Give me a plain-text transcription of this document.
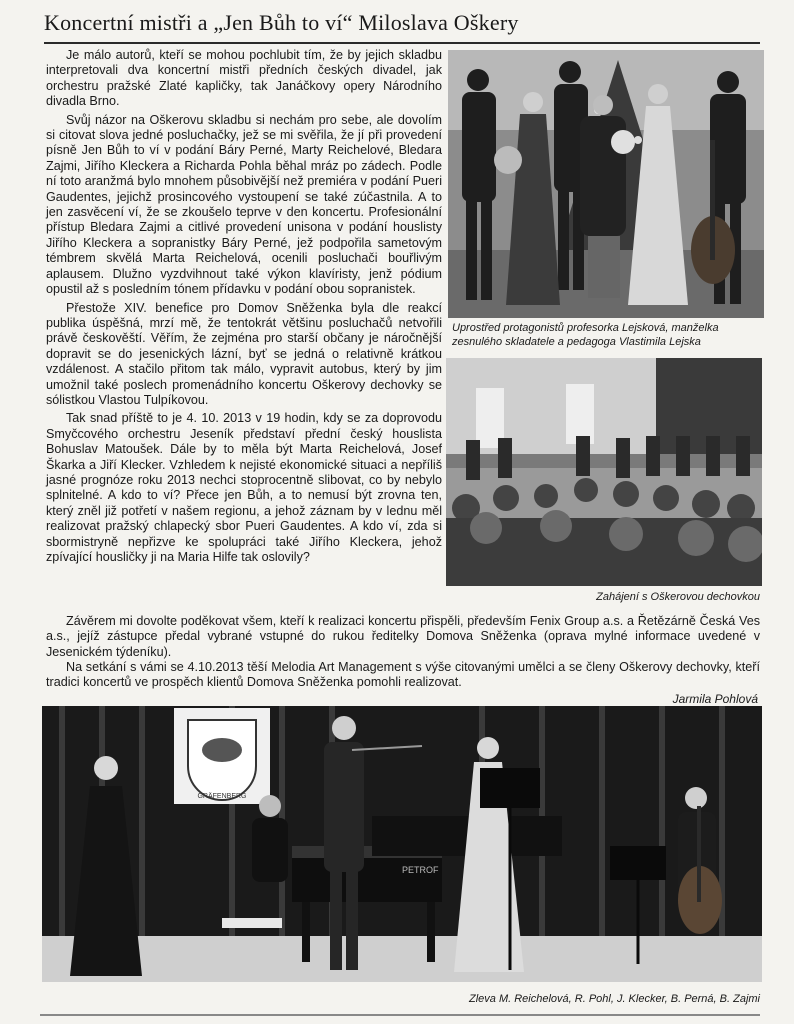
Koncertní mistři a „Jen Bůh to ví“ Miloslava Oškery

Je málo autorů, kteří se mohou pochlubit tím, že by jejich skladbu interpretovali dva koncertní mistři předních českých divadel, jak orchestru pražské Zlaté kapličky, tak Janáčkovy opery Národního divadla Brno.

Svůj názor na Oškerovu skladbu si nechám pro sebe, ale dovolím si citovat slova jedné posluchačky, jež se mi svěřila, že jí při provedení písně Jen Bůh to ví v podání Báry Perné, Marty Reichelové, Bledara Zajmi, Jiřího Kleckera a Richarda Pohla běhal mráz po zádech. Podle ní toto aranžmá bylo mnohem působivější než premiéra v podání Pueri Gaudentes, jejichž prosincového vystoupení se také zúčastnila. A to jen zasvěcení ví, že se zkoušelo teprve v den koncertu. Profesionální přístup Bledara Zajmi a citlivé provedení unisona v podání houslisty Jiřího Kleckera a sopranistky Báry Perné, jež podpořila sametovým témbrem skvělá Marta Reichelová, ocenili posluchači bouřlivým aplausem. Dlužno vyzdvihnout také výkon klavíristy, jenž pódium opustil až s posledním tónem přídavku v podání obou sopranistek.

Přestože XIV. benefice pro Domov Sněženka byla dle reakcí publika úspěšná, mrzí mě, že tentokrát většinu posluchačů netvořili právě českověští. Věřím, že zejména pro starší občany je náročnější dopravit se do jesenických lázní, byť se jedná o relativně krátkou vzdálenost. A stačilo přitom tak málo, vypravit autobus, který by jim umožnil také poslech promenádního koncertu Oškerovy dechovky se sólistkou Vlastou Tulpíkovou.

Tak snad příště to je 4. 10. 2013 v 19 hodin, kdy se za doprovodu Smyčcového orchestru Jeseník představí přední český houslista Bohuslav Matoušek. Dále by to měla být Marta Reichelová, Josef Škarka a Jiří Klecker. Vzhledem k nejisté ekonomické situaci a nepříliš jasné prognóze roku 2013 nechci stoprocentně slibovat, co by nebylo splnitelné. A kdo to ví? Přece jen Bůh, a to nemusí být zrovna ten, který zněl již potřetí v našem regionu, a jehož záznam by v lednu měl realizovat pražský chlapecký sbor Pueri Gaudentes. A kdo ví, zda si sbormistryně nepřizve ke spolupráci také Jiřího Kleckera, jehož zpívající housličky ji na Maria Hilfe tak oslovily?

Uprostřed protagonistů profesorka Lejsková, manželka zesnulého skladatele a pedagoga Vlastimila Lejska
Zahájení s Oškerovou dechovkou

Závěrem mi dovolte poděkovat všem, kteří k realizaci koncertu přispěli, především Fenix Group a.s. a Řetězárně Česká Ves a.s., jejíž zástupce předal vybrané vstupné do rukou ředitelky Domova Sněženka (oprava mylné informace uvedené v Jesenickém týdeníku).

Na setkání s vámi se 4.10.2013 těší Melodia Art Management s výše citovanými umělci a se členy Oškerovy dechovky, kteří tradici koncertů ve prospěch klientů Domova Sněženka pomohli realizovat.

Jarmila Pohlová
GRÄFENBERG
PETROF
Zleva M. Reichelová, R. Pohl, J. Klecker, B. Perná, B. Zajmi
